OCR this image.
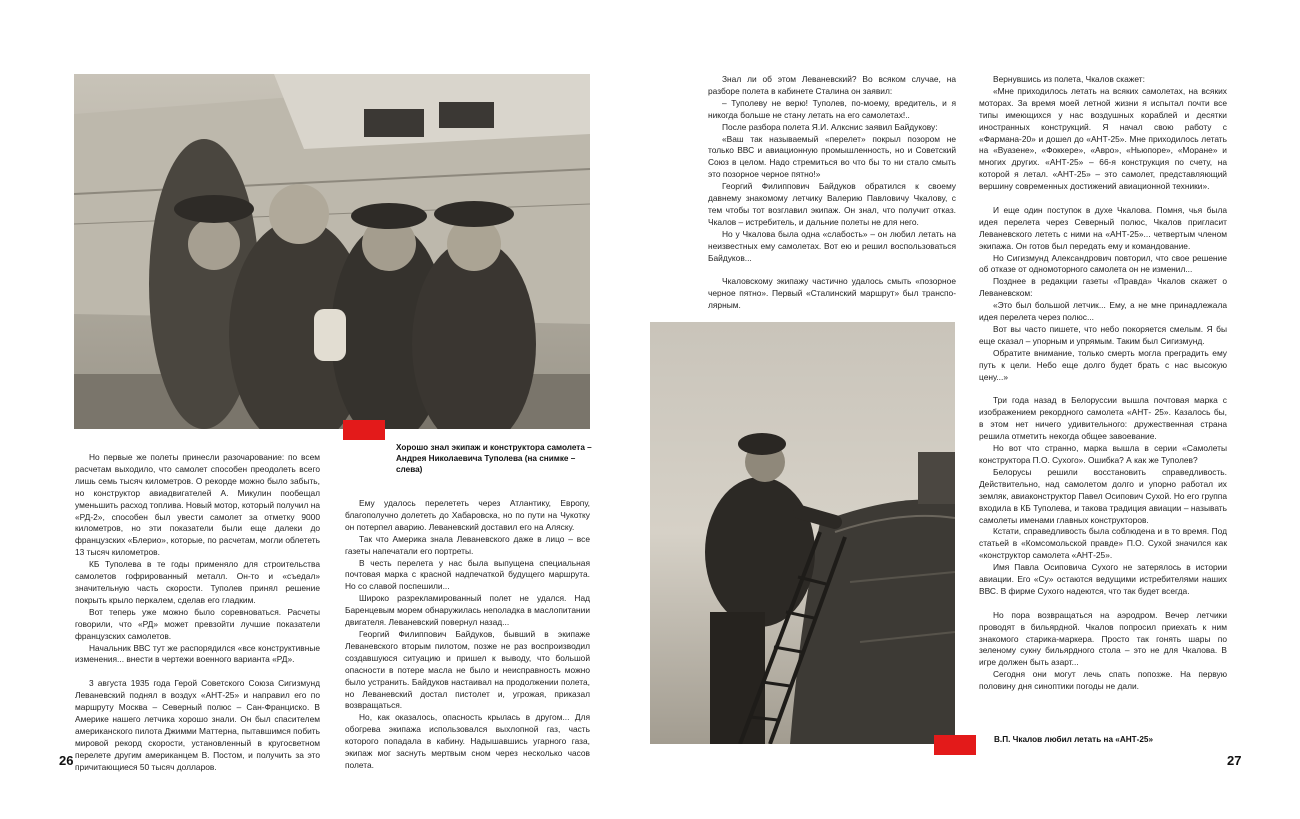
Хорошо знал экипаж и конструктора самолета – Андрея Николаевича Туполева (на снимке – слева)

Но первые же полеты принесли разочарование: по всем расчетам выходило, что самолет способен преодолеть всего лишь семь тысяч километров. О рекорде можно было забыть, но конструктор авиадвигателей А. Микулин пообещал уменьшить расход топлива. Новый мотор, который получил на «РД-2», способен был увести самолет за отметку 9000 километров, но эти показатели были еще далеки до французских «Блерио», которые, по расчетам, могли облететь 13 тысяч километров.

КБ Туполева в те годы применяло для строительства самолетов гофрированный металл. Он-то и «съедал» значительную часть скорости. Туполев принял решение покрыть крыло перкалем, сделав его гладким.

Вот теперь уже можно было соревноваться. Расчеты говорили, что «РД» может превзойти лучшие показатели французских самолетов.

Начальник ВВС тут же распорядился «все конструктивные изменения... внести в чертежи военного варианта «РД».

3 августа 1935 года Герой Советского Союза Сигизмунд Леваневский поднял в воздух «АНТ-25» и направил его по маршруту Москва – Северный полюс – Сан-Франциско. В Америке нашего летчика хорошо знали. Он был спасителем американского пилота Джимми Маттерна, пытавшимся побить мировой рекорд скорости, установленный в кругосветном перелете другим американцем В. Постом, и получить за это причитающиеся 50 тысяч долларов.

Ему удалось перелететь через Атлантику, Европу, благополучно долететь до Хабаровска, но по пути на Чукотку он потерпел аварию. Леваневский доставил его на Аляску.

Так что Америка знала Леваневского даже в лицо – все газеты напечатали его портреты.

В честь перелета у нас была выпущена специальная почтовая марка с красной надпечаткой будущего маршрута. Но со славой поспешили...

Широко разрекламированный полет не удался. Над Баренцевым морем обнаружилась неполадка в маслопитании двигателя. Леваневский повернул назад...

Георгий Филиппович Байдуков, бывший в экипаже Леваневского вторым пилотом, позже не раз воспроизводил создавшуюся ситуацию и пришел к выводу, что большой опасности в потере масла не было и неисправность можно было устранить. Байдуков настаивал на продолжении полета, но Леваневский достал пистолет и, угрожая, приказал возвращаться.

Но, как оказалось, опасность крылась в другом... Для обогрева экипажа использовался выхлопной газ, часть которого попадала в кабину. Надышавшись угарного газа, экипаж мог заснуть мертвым сном через несколько часов полета.

26

Знал ли об этом Леваневский? Во всяком случае, на разборе полета в кабинете Сталина он заявил:

– Туполеву не верю! Туполев, по-моему, вредитель, и я никогда больше не стану летать на его самолетах!..

После разбора полета Я.И. Алкснис заявил Байдукову:

«Ваш так называемый «перелет» покрыл позором не только ВВС и авиационную промышленность, но и Советский Союз в целом. Надо стремиться во что бы то ни стало смыть это позорное черное пятно!»

Георгий Филиппович Байдуков обратился к своему давнему знакомому летчику Валерию Павловичу Чкалову, с тем чтобы тот возглавил экипаж. Он знал, что получит отказ. Чкалов – истребитель, и дальние полеты не для него.

Но у Чкалова была одна «слабость» – он любил летать на неизвестных ему самолетах. Вот ею и решил воспользоваться Байдуков...

Чкаловскому экипажу частично удалось смыть «позорное черное пятно». Первый «Сталинский маршрут» был трансполярным.

В.П. Чкалов любил летать на «АНТ-25»

Вернувшись из полета, Чкалов скажет:

«Мне приходилось летать на всяких самолетах, на всяких моторах. За время моей летной жизни я испытал почти все типы имеющихся у нас воздушных кораблей и десятки иностранных конструкций. Я начал свою работу с «Фармана-20» и дошел до «АНТ-25». Мне приходилось летать на «Вуазене», «Фоккере», «Авро», «Ньюпоре», «Моране» и многих других. «АНТ-25» – 66-я конструкция по счету, на которой я летал. «АНТ-25» – это самолет, представляющий вершину современных достижений авиационной техники».

И еще один поступок в духе Чкалова. Помня, чья была идея перелета через Северный полюс, Чкалов пригласит Леваневского лететь с ними на «АНТ-25»... четвертым членом экипажа. Он готов был передать ему и командование.

Но Сигизмунд Александрович повторил, что свое решение об отказе от одномоторного самолета он не изменил...

Позднее в редакции газеты «Правда» Чкалов скажет о Леваневском:

«Это был большой летчик... Ему, а не мне принадлежала идея перелета через полюс...

Вот вы часто пишете, что небо покоряется смелым. Я бы еще сказал – упорным и упрямым. Таким был Сигизмунд.

Обратите внимание, только смерть могла преградить ему путь к цели. Небо еще долго будет брать с нас высокую цену...»

Три года назад в Белоруссии вышла почтовая марка с изображением рекордного самолета «АНТ- 25». Казалось бы, в этом нет ничего удивительного: дружественная страна решила отметить некогда общее завоевание.

Но вот что странно, марка вышла в серии «Самолеты конструктора П.О. Сухого». Ошибка? А как же Туполев?

Белорусы решили восстановить справедливость. Действительно, над самолетом долго и упорно работал их земляк, авиаконструктор Павел Осипович Сухой. Но его группа входила в КБ Туполева, и такова традиция авиации – называть самолеты именами главных конструкторов.

Кстати, справедливость была соблюдена и в то время. Под статьей в «Комсомольской правде» П.О. Сухой значился как «конструктор самолета «АНТ-25».

Имя Павла Осиповича Сухого не затерялось в истории авиации. Его «Су» остаются ведущими истребителями наших ВВС. В фирме Сухого надеются, что так будет всегда.

Но пора возвращаться на аэродром. Вечер летчики проводят в бильярдной. Чкалов попросил приехать к ним знакомого старика-маркера. Просто так гонять шары по зеленому сукну бильярдного стола – это не для Чкалова. В игре должен быть азарт...

Сегодня они могут лечь спать попозже. На первую половину дня синоптики погоды не дали.

27
